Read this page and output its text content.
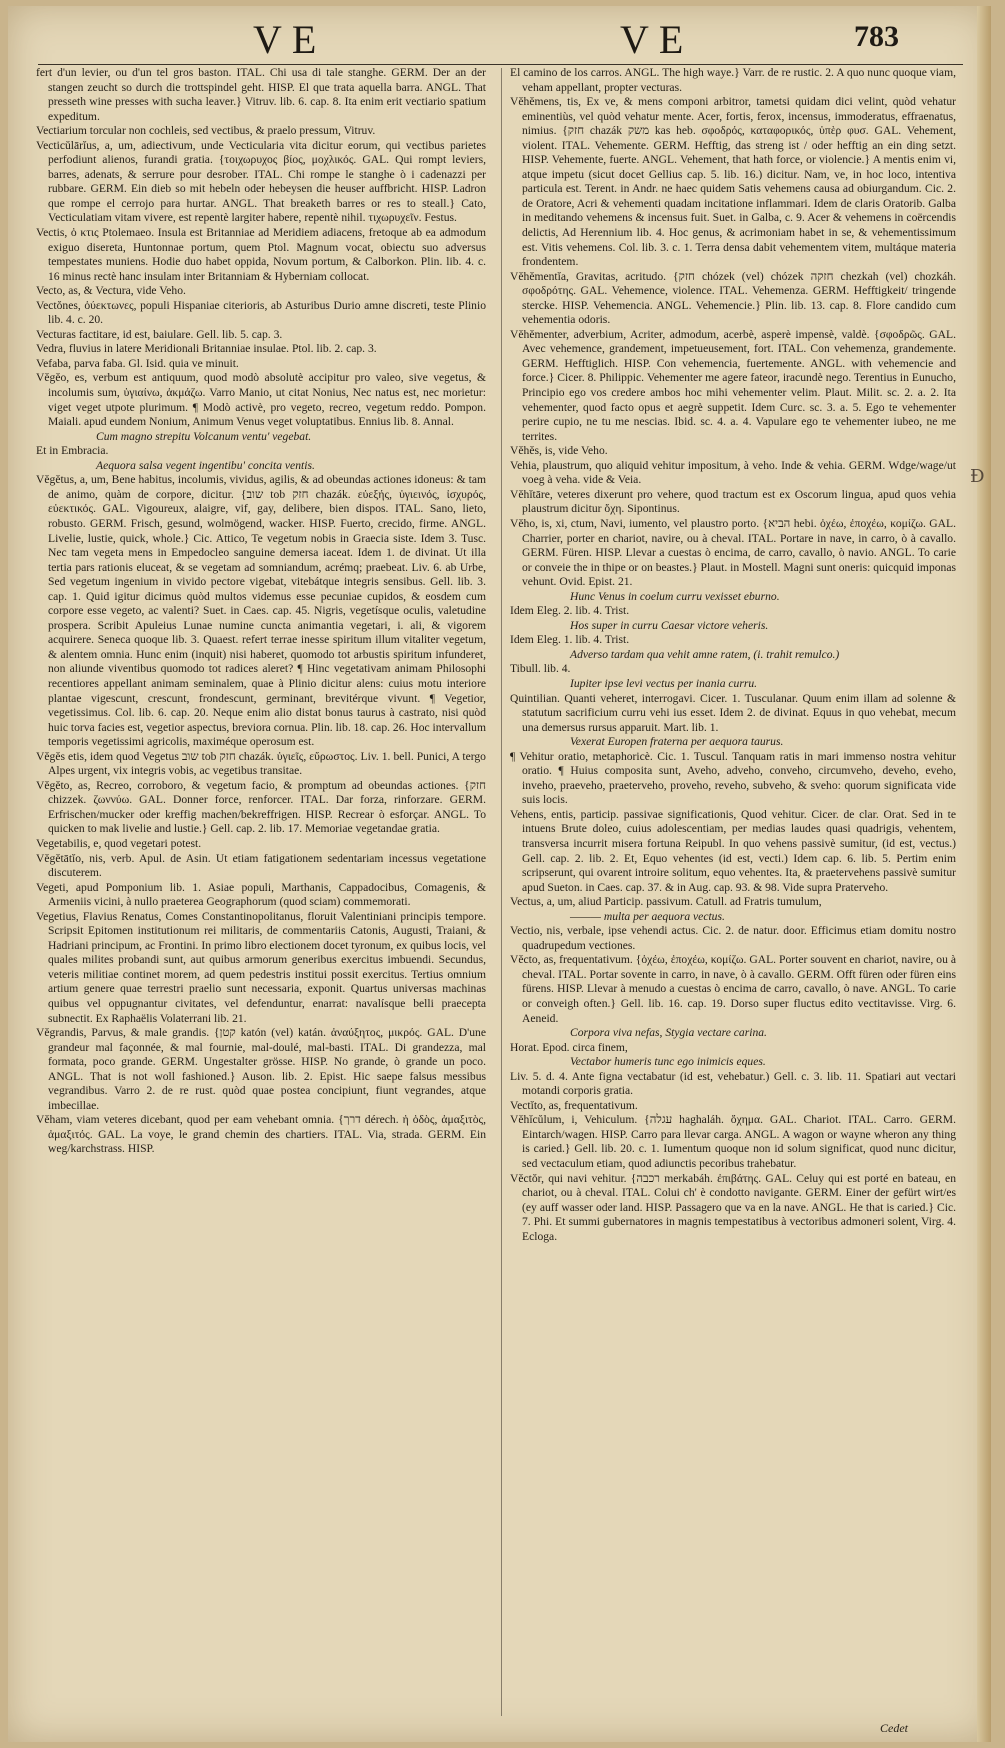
VE	VE	783

fert d'un levier, ou d'un tel gros baston. ITAL. Chi usa di tale stanghe. GERM. Der an der stangen zeucht so durch die trottspindel geht. HISP. El que trata aquella barra. ANGL. That presseth wine presses with sucha leaver.} Vitruv. lib. 6. cap. 8. Ita enim erit vectiario spatium expeditum.

Vectiarium torcular non cochleis, sed vectibus, & praelo pressum, Vitruv.

Vecticŭlārĭus, a, um, adiectivum, unde Vecticularia vita dicitur eorum, qui vectibus parietes perfodiunt alienos, furandi gratia. {τοιχωρυχος βίος, μοχλικός. GAL. Qui rompt leviers, barres, adenats, & serrure pour desrober. ITAL. Chi rompe le stanghe ò i cadenazzi per rubbare. GERM. Ein dieb so mit hebeln oder hebeysen die heuser auffbricht. HISP. Ladron que rompe el cerrojo para hurtar. ANGL. That breaketh barres or res to steall.} Cato, Vecticulatiam vitam vivere, est repentè largiter habere, repentè nihil. τιχωρυχεῖν. Festus.

Vectis, ὁ κτις Ptolemaeo. Insula est Britanniae ad Meridiem adiacens, fretoque ab ea admodum exiguo disereta, Huntonnae portum, quem Ptol. Magnum vocat, obiectu suo adversus tempestates muniens. Hodie duo habet oppida, Novum portum, & Calborkon. Plin. lib. 4. c. 16 minus rectè hanc insulam inter Britanniam & Hyberniam collocat.

Vecto, as, & Vectura, vide Veho.

Vectŏnes, ὀύεκτωνες, populi Hispaniae citerioris, ab Asturibus Durio amne discreti, teste Plinio lib. 4. c. 20.

Vecturas factitare, id est, baiulare. Gell. lib. 5. cap. 3.

Vedra, fluvius in latere Meridionali Britanniae insulae. Ptol. lib. 2. cap. 3.

Vefaba, parva faba. Gl. Isid. quia ve minuit.

Vĕgĕo, es, verbum est antiquum, quod modò absolutè accipitur pro valeo, sive vegetus, & incolumis sum, ὑγιαίνω, ἀκμάζω. Varro Manio, ut citat Nonius, Nec natus est, nec morietur: viget veget utpote plurimum. ¶ Modò activè, pro vegeto, recreo, vegetum reddo. Pompon. Maiali. apud eundem Nonium, Animum Venus veget voluptatibus. Ennius lib. 8. Annal.

Cum magno strepitu Volcanum ventu' vegebat.

Et in Embracia.

Aequora salsa vegent ingentibu' concita ventis.

Vĕgĕtus, a, um, Bene habitus, incolumis, vividus, agilis, & ad obeundas actiones idoneus: & tam de animo, quàm de corpore, dicitur. {שוב tob חזק chazák. εὐεξής, ὑγιεινός, ἰσχυρός, εὐεκτικός. GAL. Vigoureux, alaigre, vif, gay, delibere, bien dispos. ITAL. Sano, lieto, robusto. GERM. Frisch, gesund, wolmögend, wacker. HISP. Fuerto, crecido, firme. ANGL. Livelie, lustie, quick, whole.} Cic. Attico, Te vegetum nobis in Graecia siste. Idem 3. Tusc. Nec tam vegeta mens in Empedocleo sanguine demersa iaceat. Idem 1. de divinat. Ut illa tertia pars rationis eluceat, & se vegetam ad somniandum, acrémq; praebeat. Liv. 6. ab Urbe, Sed vegetum ingenium in vivido pectore vigebat, vitebátque integris sensibus. Gell. lib. 3. cap. 1. Quid igitur dicimus quòd multos videmus esse pecuniae cupidos, & eosdem cum corpore esse vegeto, ac valenti? Suet. in Caes. cap. 45. Nigris, vegetísque oculis, valetudine prospera. Scribit Apuleius Lunae numine cuncta animantia vegetari, i. ali, & vigorem acquirere. Seneca quoque lib. 3. Quaest. refert terrae inesse spiritum illum vitaliter vegetum, & alentem omnia. Hunc enim (inquit) nisi haberet, quomodo tot arbustis spiritum infunderet, non aliunde viventibus quomodo tot radices aleret? ¶ Hinc vegetativam animam Philosophi recentiores appellant animam seminalem, quae à Plinio dicitur alens: cuius motu interiore plantae vigescunt, crescunt, frondescunt, germinant, brevitérque vivunt. ¶ Vegetior, vegetissimus. Col. lib. 6. cap. 20. Neque enim alio distat bonus taurus à castrato, nisi quòd huic torva facies est, vegetior aspectus, breviora cornua. Plin. lib. 18. cap. 26. Hoc intervallum temporis vegetissimi agricolis, maximéque operosum est.

Vĕgĕs etis, idem quod Vegetus שוב tob חזק chazák. ὑγιεῖς, εὔρωστος. Liv. 1. bell. Punici, A tergo Alpes urgent, vix integris vobis, ac vegetibus transitae.

Vĕgĕto, as, Recreo, corroboro, & vegetum facio, & promptum ad obeundas actiones. {חזק chizzek. ζωννύω. GAL. Donner force, renforcer. ITAL. Dar forza, rinforzare. GERM. Erfrischen/mucker oder kreffig machen/bekreffrigen. HISP. Recrear ò esforçar. ANGL. To quicken to mak livelie and lustie.} Gell. cap. 2. lib. 17. Memoriae vegetandae gratia.

Vegetabilis, e, quod vegetari potest.

Vĕgĕtātĭo, nis, verb. Apul. de Asin. Ut etiam fatigationem sedentariam incessus vegetatione discuterem.

Vegeti, apud Pomponium lib. 1. Asiae populi, Marthanis, Cappadocibus, Comagenis, & Armeniis vicini, à nullo praeterea Geographorum (quod sciam) commemorati.

Vegetius, Flavius Renatus, Comes Constantinopolitanus, floruit Valentiniani principis tempore. Scripsit Epitomen institutionum rei militaris, de commentariis Catonis, Augusti, Traiani, & Hadriani principum, ac Frontini. In primo libro electionem docet tyronum, ex quibus locis, vel quales milites probandi sunt, aut quibus armorum generibus exercitus imbuendi. Secundus, veteris militiae continet morem, ad quem pedestris institui possit exercitus. Tertius omnium artium genere quae terrestri praelio sunt necessaria, exponit. Quartus universas machinas quibus vel oppugnantur civitates, vel defenduntur, enarrat: navalísque belli praecepta subnectit. Ex Raphaëlis Volaterrani lib. 21.

Vĕgrandis, Parvus, & male grandis. {קטן katón (vel) katán. ἀναύξητος, μικρός. GAL. D'une grandeur mal façonnée, & mal fournie, mal-doulé, mal-basti. ITAL. Di grandezza, mal formata, poco grande. GERM. Ungestalter grösse. HISP. No grande, ò grande un poco. ANGL. That is not woll fashioned.} Auson. lib. 2. Epist. Hic saepe falsus messibus vegrandibus. Varro 2. de re rust. quòd quae postea concipiunt, fiunt vegrandes, atque imbecillae.

Vĕham, viam veteres dicebant, quod per eam vehebant omnia. {דרך dérech. ἡ ὁδὸς, ἁμαξιτὸς, ἁμαξιτός. GAL. La voye, le grand chemin des chartiers. ITAL. Via, strada. GERM. Ein weg/karchstrass. HISP.

El camino de los carros. ANGL. The high waye.} Varr. de re rustic. 2. A quo nunc quoque viam, veham appellant, propter vecturas.

Vĕhĕmens, tis, Ex ve, & mens componi arbitror, tametsi quidam dici velint, quòd vehatur eminentiùs, vel quòd vehatur mente. Acer, fortis, ferox, incensus, immoderatus, effraenatus, nimius. {חזק chazák משק kas heb. σφοδρός, καταφορικός, ὑπὲρ φυσ. GAL. Vehement, violent. ITAL. Vehemente. GERM. Hefftig, das streng ist / oder hefftig an ein ding setzt. HISP. Vehemente, fuerte. ANGL. Vehement, that hath force, or violencie.} A mentis enim vi, atque impetu (sicut docet Gellius cap. 5. lib. 16.) dicitur. Nam, ve, in hoc loco, intentiva particula est. Terent. in Andr. ne haec quidem Satis vehemens causa ad obiurgandum. Cic. 2. de Oratore, Acri & vehementi quadam incitatione inflammari. Idem de claris Oratorib. Galba in meditando vehemens & incensus fuit. Suet. in Galba, c. 9. Acer & vehemens in coërcendis delictis, Ad Herennium lib. 4. Hoc genus, & acrimoniam habet in se, & vehementissimum est. Vitis vehemens. Col. lib. 3. c. 1. Terra densa dabit vehementem vitem, multáque materia frondentem.

Vĕhĕmentĭa, Gravitas, acritudo. {חזק chózek (vel) chózek חזקה chezkah (vel) chozkáh. σφοδρότης. GAL. Vehemence, violence. ITAL. Vehemenza. GERM. Hefftigkeit/ tringende stercke. HISP. Vehemencia. ANGL. Vehemencie.} Plin. lib. 13. cap. 8. Flore candido cum vehementia odoris.

Vĕhĕmenter, adverbium, Acriter, admodum, acerbè, asperè impensè, valdè. {σφοδρῶς. GAL. Avec vehemence, grandement, impetueusement, fort. ITAL. Con vehemenza, grandemente. GERM. Hefftiglich. HISP. Con vehemencia, fuertemente. ANGL. with vehemencie and force.} Cicer. 8. Philippic. Vehementer me agere fateor, iracundè nego. Terentius in Eunucho, Principio ego vos credere ambos hoc mihi vehementer velim. Plaut. Milit. sc. 2. a. 2. Ita vehementer, quod facto opus et aegrè suppetit. Idem Curc. sc. 3. a. 5. Ego te vehementer perire cupio, ne tu me nescias. Ibid. sc. 4. a. 4. Vapulare ego te vehementer iubeo, ne me territes.

Vĕhĕs, is, vide Veho.

Vehia, plaustrum, quo aliquid vehitur impositum, à veho. Inde & vehia. GERM. Wdge/wage/ut voeg à veha. vide & Veia.

Vĕhĭtāre, veteres dixerunt pro vehere, quod tractum est ex Oscorum lingua, apud quos vehia plaustrum dicitur ὄχη. Sipontinus.

Vĕho, is, xi, ctum, Navi, iumento, vel plaustro porto. {הביא hebi. ὀχέω, ἐποχέω, κομίζω. GAL. Charrier, porter en chariot, navire, ou à cheval. ITAL. Portare in nave, in carro, ò à cavallo. GERM. Füren. HISP. Llevar a cuestas ò encima, de carro, cavallo, ò navio. ANGL. To carie or conveie the in thipe or on beastes.} Plaut. in Mostell. Magni sunt oneris: quicquid imponas vehunt. Ovid. Epist. 21.

Hunc Venus in coelum curru vexisset eburno.

Idem Eleg. 2. lib. 4. Trist.

Hos super in curru Caesar victore veheris.

Idem Eleg. 1. lib. 4. Trist.

Adverso tardam qua vehit amne ratem, (i. trahit remulco.)

Tibull. lib. 4.

Iupiter ipse levi vectus per inania curru.

Quintilian. Quanti veheret, interrogavi. Cicer. 1. Tusculanar. Quum enim illam ad solenne & statutum sacrificium curru vehi ius esset. Idem 2. de divinat. Equus in quo vehebat, mecum una demersus rursus apparuit. Mart. lib. 1.

Vexerat Europen fraterna per aequora taurus.

¶ Vehitur oratio, metaphoricè. Cic. 1. Tuscul. Tanquam ratis in mari immenso nostra vehitur oratio. ¶ Huius composita sunt, Aveho, adveho, conveho, circumveho, deveho, eveho, inveho, praeveho, praeterveho, proveho, reveho, subveho, & sveho: quorum significata vide suis locis.

Vehens, entis, particip. passivae significationis, Quod vehitur. Cicer. de clar. Orat. Sed in te intuens Brute doleo, cuius adolescentiam, per medias laudes quasi quadrigis, vehentem, transversa incurrit misera fortuna Reipubl. In quo vehens passivè sumitur, (id est, vectus.) Gell. cap. 2. lib. 2. Et, Equo vehentes (id est, vecti.) Idem cap. 6. lib. 5. Pertim enim scripserunt, qui ovarent introire solitum, equo vehentes. Ita, & praetervehens passivè sumitur apud Sueton. in Caes. cap. 37. & in Aug. cap. 93. & 98. Vide supra Praterveho.

Vectus, a, um, aliud Particip. passivum. Catull. ad Fratris tumulum,

——— multa per aequora vectus.

Vectio, nis, verbale, ipse vehendi actus. Cic. 2. de natur. door. Efficimus etiam domitu nostro quadrupedum vectiones.

Vĕcto, as, frequentativum. {ὀχέω, ἐποχέω, κομίζω. GAL. Porter souvent en chariot, navire, ou à cheval. ITAL. Portar sovente in carro, in nave, ò à cavallo. GERM. Offt füren oder füren eins fürens. HISP. Llevar à menudo a cuestas ò encima de carro, cavallo, ò nave. ANGL. To carie or conveigh often.} Gell. lib. 16. cap. 19. Dorso super fluctus edito vectitavisse. Virg. 6. Aeneid.

Corpora viva nefas, Stygia vectare carina.

Horat. Epod. circa finem,

Vectabor humeris tunc ego inimicis eques.

Liv. 5. d. 4. Ante figna vectabatur (id est, vehebatur.) Gell. c. 3. lib. 11. Spatiari aut vectari motandi corporis gratia.

Vectĭto, as, frequentativum.

Vĕhĭcŭlum, i, Vehiculum. {עגלה haghaláh. ὄχημα. GAL. Chariot. ITAL. Carro. GERM. Eintarch/wagen. HISP. Carro para llevar carga. ANGL. A wagon or wayne wheron any thing is caried.} Gell. lib. 20. c. 1. Iumentum quoque non id solum significat, quod nunc dicitur, sed vectaculum etiam, quod adiunctis pecoribus trahebatur.

Vĕctŏr, qui navi vehitur. {רכבה merkabáh. ἐπιβάτης. GAL. Celuy qui est porté en bateau, en chariot, ou à cheval. ITAL. Colui ch' è condotto navigante. GERM. Einer der gefürt wirt/es (ey auff wasser oder land. HISP. Passagero que va en la nave. ANGL. He that is caried.} Cic. 7. Phi. Et summi gubernatores in magnis tempestatibus à vectoribus admoneri solent, Virg. 4. Ecloga.

Ɖ
Cedet
